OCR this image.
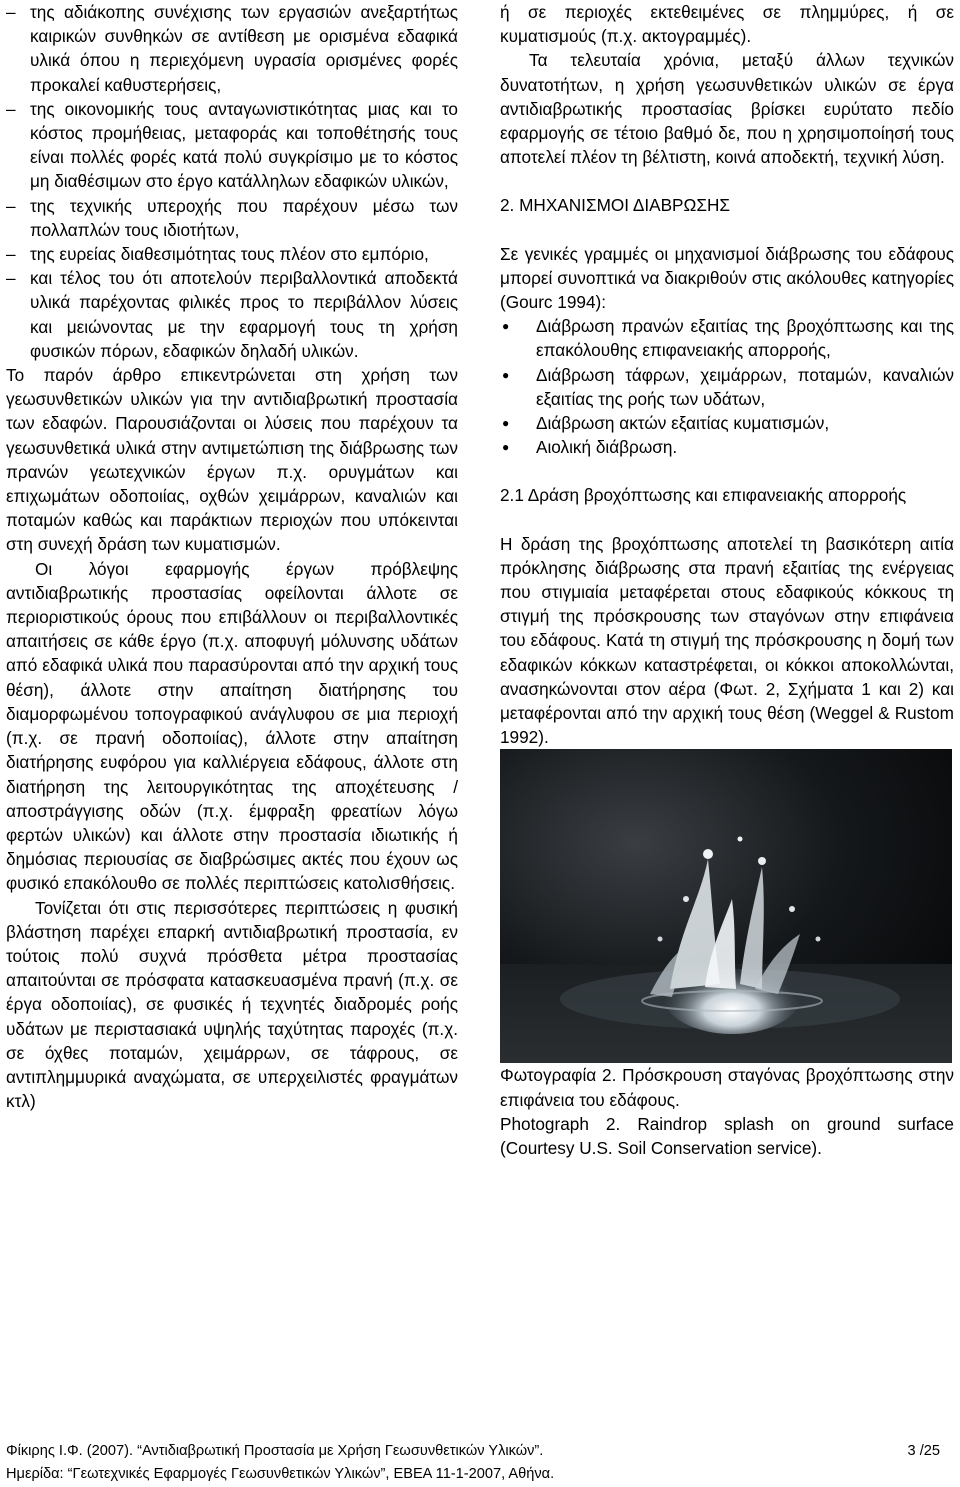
– της αδιάκοπης συνέχισης των εργασιών ανεξαρτήτως καιρικών συνθηκών σε αντίθεση με ορισμένα εδαφικά υλικά όπου η περιεχόμενη υγρασία ορισμένες φορές προκαλεί καθυστερήσεις,

– της οικονομικής τους ανταγωνιστικότητας μιας και το κόστος προμήθειας, μεταφοράς και τοποθέτησής τους είναι πολλές φορές κατά πολύ συγκρίσιμο με το κόστος μη διαθέσιμων στο έργο κατάλληλων εδαφικών υλικών,

– της τεχνικής υπεροχής που παρέχουν μέσω των πολλαπλών τους ιδιοτήτων,

– της ευρείας διαθεσιμότητας τους πλέον στο εμπόριο,

– και τέλος του ότι αποτελούν περιβαλλοντικά αποδεκτά υλικά παρέχοντας φιλικές προς το περιβάλλον λύσεις και μειώνοντας με την εφαρμογή τους τη χρήση φυσικών πόρων, εδαφικών δηλαδή υλικών.

Το παρόν άρθρο επικεντρώνεται στη χρήση των γεωσυνθετικών υλικών για την αντιδιαβρωτική προστασία των εδαφών. Παρουσιάζονται οι λύσεις που παρέχουν τα γεωσυνθετικά υλικά στην αντιμετώπιση της διάβρωσης των πρανών γεωτεχνικών έργων π.χ. ορυγμάτων και επιχωμάτων οδοποιίας, οχθών χειμάρρων, καναλιών και ποταμών καθώς και παράκτιων περιοχών που υπόκεινται στη συνεχή δράση των κυματισμών.

Οι λόγοι εφαρμογής έργων πρόβλεψης αντιδιαβρωτικής προστασίας οφείλονται άλλοτε σε περιοριστικούς όρους που επιβάλλουν οι περιβαλλοντικές απαιτήσεις σε κάθε έργο (π.χ. αποφυγή μόλυνσης υδάτων από εδαφικά υλικά που παρασύρονται από την αρχική τους θέση), άλλοτε στην απαίτηση διατήρησης του διαμορφωμένου τοπογραφικού ανάγλυφου σε μια περιοχή (π.χ. σε πρανή οδοποιίας), άλλοτε στην απαίτηση διατήρησης ευφόρου για καλλιέργεια εδάφους, άλλοτε στη διατήρηση της λειτουργικότητας της αποχέτευσης / αποστράγγισης οδών (π.χ. έμφραξη φρεατίων λόγω φερτών υλικών) και άλλοτε στην προστασία ιδιωτικής ή δημόσιας περιουσίας σε διαβρώσιμες ακτές που έχουν ως φυσικό επακόλουθο σε πολλές περιπτώσεις κατολισθήσεις.

Τονίζεται ότι στις περισσότερες περιπτώσεις η φυσική βλάστηση παρέχει επαρκή αντιδιαβρωτική προστασία, εν τούτοις πολύ συχνά πρόσθετα μέτρα προστασίας απαιτούνται σε πρόσφατα κατασκευασμένα πρανή (π.χ. σε έργα οδοποιίας), σε φυσικές ή τεχνητές διαδρομές ροής υδάτων με περιστασιακά υψηλής ταχύτητας παροχές (π.χ. σε όχθες ποταμών, χειμάρρων, σε τάφρους, σε αντιπλημμυρικά αναχώματα, σε υπερχειλιστές φραγμάτων κτλ)

ή σε περιοχές εκτεθειμένες σε πλημμύρες, ή σε κυματισμούς (π.χ. ακτογραμμές).

Τα τελευταία χρόνια, μεταξύ άλλων τεχνικών δυνατοτήτων, η χρήση γεωσυνθετικών υλικών σε έργα αντιδιαβρωτικής προστασίας βρίσκει ευρύτατο πεδίο εφαρμογής σε τέτοιο βαθμό δε, που η χρησιμοποίησή τους αποτελεί πλέον τη βέλτιστη, κοινά αποδεκτή, τεχνική λύση.

2. ΜΗΧΑΝΙΣΜΟΙ ΔΙΑΒΡΩΣΗΣ

Σε γενικές γραμμές οι μηχανισμοί διάβρωσης του εδάφους μπορεί συνοπτικά να διακριθούν στις ακόλουθες κατηγορίες (Gourc 1994):

● Διάβρωση πρανών εξαιτίας της βροχόπτωσης και της επακόλουθης επιφανειακής απορροής,
● Διάβρωση τάφρων, χειμάρρων, ποταμών, καναλιών εξαιτίας της ροής των υδάτων,
● Διάβρωση ακτών εξαιτίας κυματισμών,
● Αιολική διάβρωση.

2.1 Δράση βροχόπτωσης και επιφανειακής απορροής

Η δράση της βροχόπτωσης αποτελεί τη βασικότερη αιτία πρόκλησης διάβρωσης στα πρανή εξαιτίας της ενέργειας που στιγμιαία μεταφέρεται στους εδαφικούς κόκκους τη στιγμή της πρόσκρουσης των σταγόνων στην επιφάνεια του εδάφους. Κατά τη στιγμή της πρόσκρουσης η δομή των εδαφικών κόκκων καταστρέφεται, οι κόκκοι αποκολλώνται, ανασηκώνονται στον αέρα (Φωτ. 2, Σχήματα 1 και 2) και μεταφέρονται από την αρχική τους θέση (Weggel & Rustom 1992).

Φωτογραφία 2. Πρόσκρουση σταγόνας βροχόπτωσης στην επιφάνεια του εδάφους.

Photograph 2. Raindrop splash on ground surface (Courtesy U.S. Soil Conservation service).

Φίκιρης Ι.Φ. (2007). “Αντιδιαβρωτική Προστασία με Χρήση Γεωσυνθετικών Υλικών”.	3 /25
Ημερίδα: “Γεωτεχνικές Εφαρμογές Γεωσυνθετικών Υλικών”, ΕΒΕΑ 11-1-2007, Αθήνα.
